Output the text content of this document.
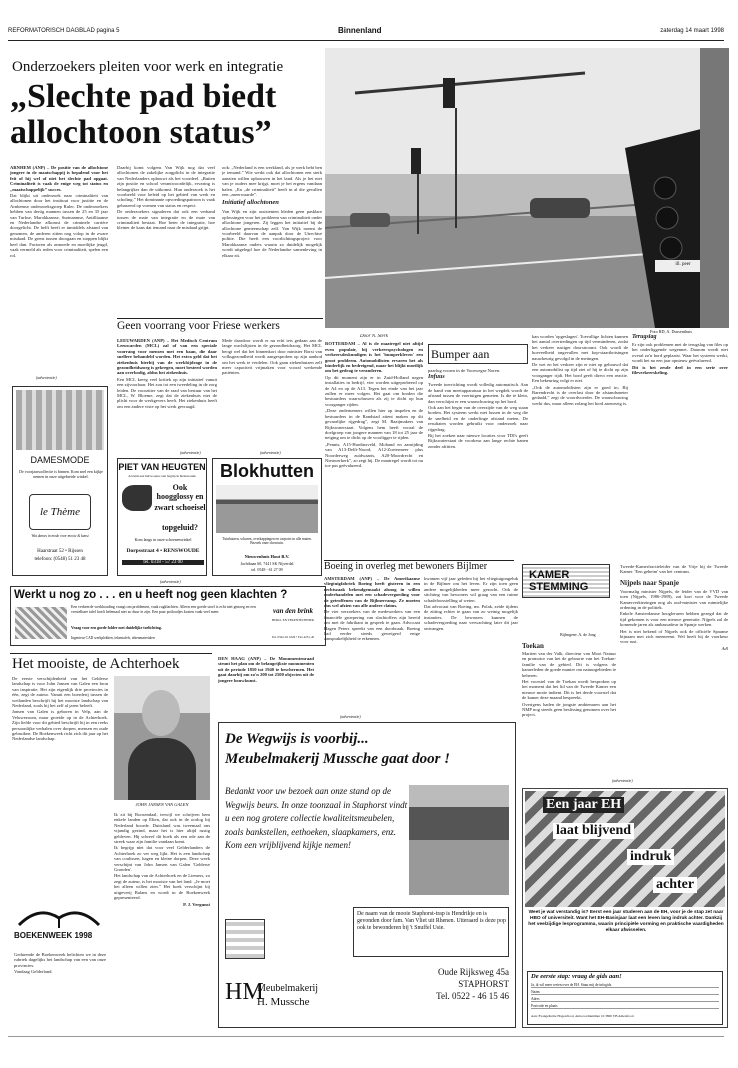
REFORMATORISCH DAGBLAD pagina 5	Binnenland	zaterdag 14 maart 1998
Onderzoekers pleiten voor werk en integratie
„Slechte pad biedt allochtoon status”

ARNHEM (ANP) – De positie van de allochtone jongere in de maatschappij is bepalend voor het feit of hij wel of niet het slechte pad opgaat. Criminaliteit is vaak de enige weg tot status en „maatschappelijk” succes.

Dat blijkt uit onderzoek naar criminaliteit van allochtonen door het instituut voor justitie en de Arnhemse onderzoeksgroep Ruler. De onderzoekers hebben van dertig mannen tussen de 25 en 35 jaar van Turkse, Marokkaanse, Surinaamse, Antilliaanse en Nederlandse afkomst de criminele carrière doorgelicht. De helft heeft er inmiddels afstand van genomen, de anderen zitten nog volop in de zware misdaad. De grens tussen doorgaan en stoppen blijkt heel dun. Factoren als armoede en moeilijke jeugd, vaak vermeld als reden voor criminaliteit, spelen een rol.

Daarbij komt volgens Van Wijk nog dat veel allochtonen de zakelijke zorgplicht in de integratie van Nederlanders opbouwt als het voordeel. „Buiten zijn positie en school verantwoordelijk, ervaring is belangrijker dan de uitkomst. Hun onderzoek is het voorbeeld voor beleid op het gebied van werk en scholing.” Het dominante opvoedingspatroon is vaak gebaseerd op vormen van status en respect.

De onderzoekers signaleren dat ook een verband tussen de mate van integratie en de mate van criminaliteit bestaat. Hoe beter de integratie, hoe kleiner de kans dat iemand naar de misdaad grijpt.

ook: „Nederland is een werkland, als je werk hebt ben je iemand.” Wie werkt ook dat allochtonen een sterk aanzien willen opbouwen in het land. Als je het niet van je ouders mee krijgt, moet je het ergens vandaan halen. „En „de criminaliteit” heeft in al die gevallen een „meerwaarde”.

Initiatief allochtonen

Van Wijk en zijn assistenten bleden geen pasklare oplossingen voor het probleem van criminaliteit onder allochtone jongeren. Zij leggen het initiatief bij de allochtone gemeenschap zelf. Van Wijk noemt de voorbeeld daarvan de aanpak door de Utrechtse politie. Die heeft een voorlichtingsproject voor Marokkaanse ouders waarin zo duidelijk mogelijk wordt uitgelegd hoe de Nederlandse samenleving in elkaar zit.

(advertentie)
DAMESMODE
De voorjaarscollectie is binnen. Kom snel een kijkje nemen in onze uitgebreide winkel.
le Thème
Wat dames in mode voor mooie & kunst
Haarstraat 52 • Rijssen
telefoon: (0548) 51 23 48
Geen voorrang voor Friese werkers

LEEUWARDEN (ANP) – Het Medisch Centrum Leeuwarden (MCL) zal of van een speciale voorrang voor mensen met een baan, die daar snellere behandeld worden. Het extra geld dat het ziekenhuis hierbij van de werkbijdrage in de gezondheidszorg is gekregen, moet besteed worden aan overbodig, aldus het ziekenhuis.

Een MCL kreeg veel kritiek op zijn initiatief vanuit een zijvoorhaar. Het zou tot een tweedeling in de zorg leiden. De voorzitter van de raad van bestuur van het MCL, W. Bloeme, zegt dat de ziekenhuis niet de plicht voor de werkgevers heeft. Het ziekenhuis heeft om een andere visie op het werk gevraagd.

Mede daardoor wordt er nu echt iets gedaan aan de lange wachtlijsten in de gezondheidszorg. Het MCL beogt wel dat het binnenkort door minister Borst van volksgezondheid wordt aangesproken op zijn aanbod om het werk te verdelen. Ook gaan ziekenhuizen zelf meer capaciteit vrijmaken voor vooral werkende patiënten.

(advertentie)
PIET VAN HEUGTEN
Al ruim een halve eeuw een begrip in Renswoude
Ook hoogglossy en
zwart schoeisel
topgeluid?
Kom langs in onze schoenenwinkel
Dorpsstraat 4 • RENSWOUDE
tel. 0318 - 57 23 00
(advertentie)
Blokhutten
Tuinhuizen, schuren, overkappingen en carports in alle maten. Bezoek onze showtuin.
Nieuwenhuis Hout B.V.
Jachtbaan 60, 7441 SK Nijverdal
tel. 0548 - 61 27 09
ill. peer
Foto RD, A. Dussenthuis

Door N. Sterk

ROTTERDAM – Al is de maatregel niet altijd even populair, bij verkeerspsychologen en verkeersdeskundigen is het 'bumperkleven' een groot probleem. Automobilisten ervaren het als hinderlijk en bedreigend, maar het blijkt moeilijk om het gedrag te veranderen.

Op dit moment zijn er in Zuid-Holland negen installaties in bedrijf, vier worden uitgeprobeerd op de A4 en op de A13. Tegen het einde van het jaar zullen er meer volgen. Het gaat om borden die bestuurders waarschuwen als zij te dicht op hun voorganger rijden.

„Deze ondernemers willen hier op inspelen en de bestuurders in de Randstad attent maken op dit gevaarlijke rijgedrag”, zegt M. Raaijmakers van Rijkswaterstaat. Volgens hem heeft vooral de doelgroep van jongere mannen van 18 tot 25 jaar de neiging om te dicht op de voorligger te rijden.

„Pennis, A15-Hardinxveld, Mohand en aanrijding van A13-Delft-Noord, A12-Zoetermeer plus Noorderweg zuidwaarts, A20-Moordrecht en Nieuwerkerk”, zo zegt hij. De maatregel wordt tot nu toe pas geëvalueerd.

Bumper aan

paarlug voorm in de Voorwegse Noren.

Infuus

Tweede toerrichting wordt volledig automatisch. Aan de hand van meetapparatuur in het wegdek wordt de afstand tussen de voertuigen gemeten. Is die te klein, dan verschijnt er een waarschuwing op het bord.

Ook aan het begin van de overzijde van de weg staan borden. Het systeem werkt met lussen in de weg die de snelheid en de onderlinge afstand meten. De resultaten worden gebruikt voor onderzoek naar rijgedrag.

Bij het zoeken naar nieuwe locaties voor TDI's geeft Rijkswaterstaat de voorkeur aan lange rechte banen zonder afritten.

kan worden 'opgeslagen'. Toevallige lichten kunnen het aantal overtredingen op tijd verminderen, zodat het verkeer rustiger doorstroomt. Ook wordt de hoeveelheid ongevallen met kop-staartbotsingen nauwkeurig gevolgd in de metingen.

De wet en het verkeer zijn er niet op gebouwd dat een automobilist op tijd ziet of hij te dicht op zijn voorganger rijdt. Het bord geeft direct een reactie. Een bekeuring volgt er niet.

„Ook de automobilisten zijn er goed in; Bij Barendrecht is de overlast door de afstandsmeter gedaald,” zegt de woordvoerder. De waarschuwing werkt dus, maar alleen zolang het bord aanwezig is.

Terugslag

Er zijn ook problemen met de terugslag van files op het onderliggende wegennet. Daarom wordt niet overal zo'n bord geplaatst. Waar het systeem werkt, wordt het na een jaar opnieuw geëvalueerd.

Dit is het zesde deel in een serie over fileverkeerskeling.

(advertentie)
Werkt u nog zo . . . en u heeft nog geen klachten ?
Een verkeerde werkhouding vraagt om problemen, vaak rugklachten. Alleen een goede stoel is echt niet genoeg en een verstelbare tafel hoeft helemaal niet zo duur te zijn. Een paar potloodjes kosten vaak veel meer.
Vraag voor een goede folder met duidelijke toelichting.
Ingenieur CAD werkplekken, tekentafels, tekenmaterialen
van den brink
BURO- EN TEKENTECHNIEK
Tel. 0342-45 1026 • Fax 4251-45
Boeing in overleg met bewoners Bijlmer

AMSTERDAM (ANP) – De Amerikaanse vliegtuigfabriek Boeing heeft gisteren in een rechtszaak bekendgemaakt alsnog in willen onderhandelen met een schadevergoeding voor de getroffenen van de Bijlmerramp. Ze moeten dus wel afzien van alle andere claims.

De vier verzoekers van de medewerkers van een financiële groepering van slachtoffers zijn bereid om met de fabrikant in gesprek te gaan. Advocaat Hagen Peters spreekt van een doorbraak. Boeing had eerder steeds geweigerd enige aansprakelijkheid te erkennen.

kwamen vijf jaar geleden bij het vliegtuigongeluk in de Bijlmer om het leven. Er zijn toen geen andere mogelijkheden meer gezocht. Ook de stichting van bewoners wil graag van een ruime schadeloosstelling af weten.

Dat advocaat van Boeing, mr. Polak, zeide tijdens de zitting echter te gaan van zo weinig mogelijk instanties. De bewoners kunnen de schadevergoeding naar verwachting later dit jaar ontvangen.

KAMER STEMMING
Bijlmgenv. A. de Jong

Toekan

Martien van der Valk, directeur van Mooi Natuur en promotor van het de geboorte van het Toekan-familie van de gebied. Dit is volgens de kamerleden de goede manier om natuurgebieden te beheren.

Het voorstel van de Toekan wordt besproken op het moment dat het lid van de Tweede Kamer een nieuwe motie indient. Dit is het derde voorstel dat de kamer deze maand bespreekt.

Overigens haden de jongste ambtenaren aan het NMP nog steeds geen beslissing genomen over het project.

Tweede-Kamerfractieleider van de Vrije bij de Tweede Kamer. 'Een geheim' van het centrum.

Nijpels naar Spanje

Voormalig minister Nijpels, de leider van de VVD van toen (Nijpels, 1986-1989), zat kort voor de Tweede Kamerverkiezingen nog als oud-minister van ruimtelijke ordening in de politiek.

Enkele Amsterdamse hoogleraren hebben gezegd dat de tijd gekomen is voor een nieuwe generatie. Nijpels zal de komende jaren als ambassadeur in Spanje werken.

Het is niet bekend of Nijpels ook de officiële Spaanse bijnaam met zich meeneemt. Wel heeft hij de voorkeur voor rust.

Adl

Het mooiste, de Achterhoek

De eerste verschijdenheid van het Gelderse landschap is voor John Jansen van Galen een bron van inspiratie. Het zijn eigenlijk drie provincies in één, zegt de auteur. Vanuit een boerderij tussen de weilanden beschrijft hij het mooiste landschap van Nederland, zoals hij het zelf al jaren beleeft.

Jansen van Galen is geboren in Velp, aan de Veluwezoom, maar groeide op in de Achterhoek. Zijn liefde voor dit gebied beschrijft hij in een reeks persoonlijke verhalen over dorpen, mensen en oude gebruiken. De Boekenweek richt zich dit jaar op het Nederlandse landschap.

JOHN JANSEN VAN GALEN

Ik zit bij Roosendaal, terwijl we schrijven hem enkele landen op Elten, dat ook in de oorlog bij Nederland hoorde. Duitsland was tweemaal ons vijandig gezind, maar het is hier altijd rustig gebleven. Hij schreef dit boek als een ode aan de streek waar zijn familie vandaan komt.

Ik begrijp niet dat voor veel Gelderlanders de Achterhoek zo ver weg lijkt. Het is een landschap van coulissen, hagen en kleine dorpen. Deze week verschijnt van John Jansen van Galen 'Gelderse Gronden'.

Het landschap van de Achterhoek en de Liemers, zo zegt de auteur, is het mooiste van het land. „Je moet het alleen willen zien.” Het boek verschijnt bij uitgeverij Balans en wordt in de Boekenweek gepresenteerd.

P. J. Vergunst

BOEKENWEEK 1998

Gedurende de Boekenweek belichten we in deze rubriek dagelijks het landschap van een van onze provincies.

Vandaag Gelderland.

DEN HAAG (ANP) – De Monumentenraad steunt het plan om de belangrijkste monumenten uit de periode 1850 tot 1940 te beschermen. Het gaat daarbij om zo'n 200 tot 2500 objecten uit de jongere bouwkunst.

(advertentie)
De Wegwijs is voorbij...
Meubelmakerij Mussche gaat door !
Bedankt voor uw bezoek aan onze stand op de Wegwijs beurs. In onze toonzaal in Staphorst vindt u een nog grotere collectie kwaliteitsmeubelen, zoals bankstellen, eethoeken, slaapkamers, enz. Kom een vrijblijvend kijkje nemen!
De naam van de mooie Staphorst-trap is Hendrikje en is gevonden door fam. Van Vliet uit Rhenen. Uiteraard is deze pop ook te bewonderen bij 't Snuffel Usie.
HM
Meubelmakerij
H. Mussche
Oude Rijksweg 45a
STAPHORST
Tel. 0522 - 46 15 46
(advertentie)
Een jaar EH
laat blijvend
indruk
achter
Weet je wat verstandig is? Eerst een jaar studeren aan de EH, voor je de stap zet naar HBO of universiteit. Want het EH-Basisjaar laat een leven lang indruk achter. Dankzij het veelzijdige lesprogramma, waarin principiële vorming en praktische vaardigheden elkaar afwisselen.
De eerste stap: vraag de gids aan!
Ja, ik wil meer weten over de EH. Stuur mij de infogids.
Naam
Adres
Postcode en plaats
Aan: Evangelische Hogeschool, Antwoordnummer 10 3800 VB Amersfoort
